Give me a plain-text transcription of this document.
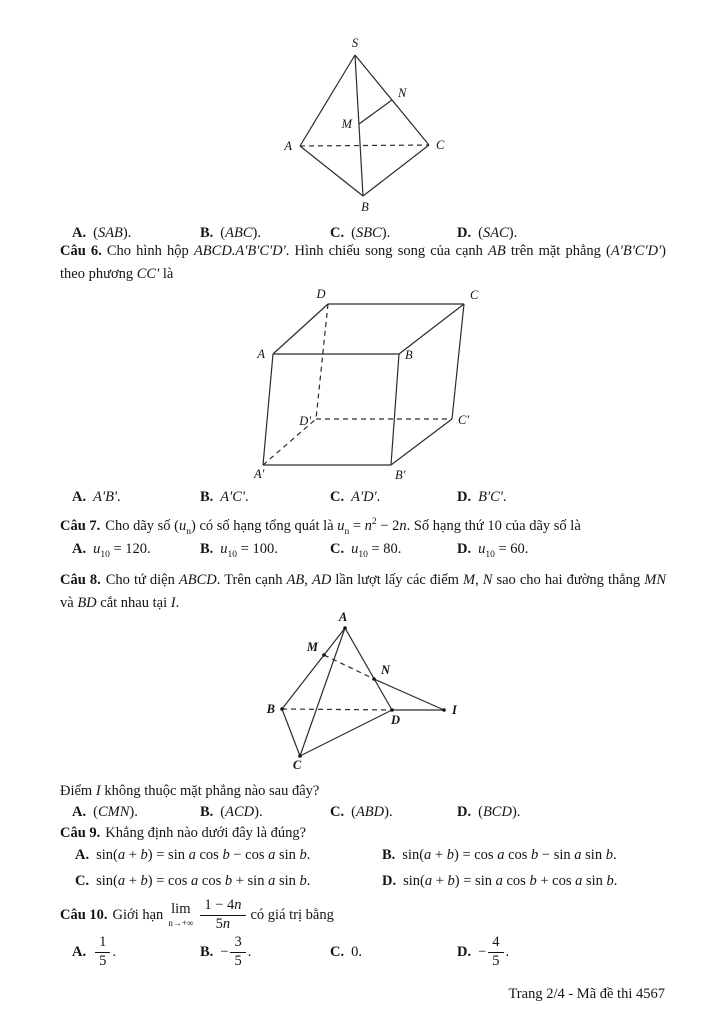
S
A	C
B
M
N
A. (SAB).	B. (ABC).	C. (SBC).	D. (SAC).

Câu 6. Cho hình hộp ABCD.A'B'C'D'. Hình chiếu song song của cạnh AB trên mặt phẳng (A'B'C'D') theo phương CC' là

D	C
A	B
D'	C'
A'	B'
A. A'B'.	B. A'C'.	C. A'D'.	D. B'C'.

Câu 7. Cho dãy số $(u_n)$ có số hạng tổng quát là $u_n = n^2 - 2n$. Số hạng thứ 10 của dãy số là

A. $u_{10} = 120$.	B. $u_{10} = 100$.	C. $u_{10} = 80$.	D. $u_{10} = 60$.

Câu 8. Cho tứ diện ABCD. Trên cạnh AB, AD lần lượt lấy các điểm M, N sao cho hai đường thẳng MN và BD cắt nhau tại I.

A
M
N
B
D
I
C

Điểm I không thuộc mặt phẳng nào sau đây?

A. (CMN).	B. (ACD).	C. (ABD).	D. (BCD).

Câu 9. Khẳng định nào dưới đây là đúng?

A. sin(a + b) = sin a cos b − cos a sin b.	B. sin(a + b) = cos a cos b − sin a sin b.
C. sin(a + b) = cos a cos b + sin a sin b.	D. sin(a + b) = sin a cos b + cos a sin b.
Câu 10. Giới hạn lim
$n\to+\infty \frac{1 - 4n}{5n}$ có giá trị bằng
A. $\frac{1}{5}$ .	B. − $\frac{3}{5}$ .	C. 0.	D. − $\frac{4}{5}$ .
Trang 2/4 - Mã đề thi 4567
